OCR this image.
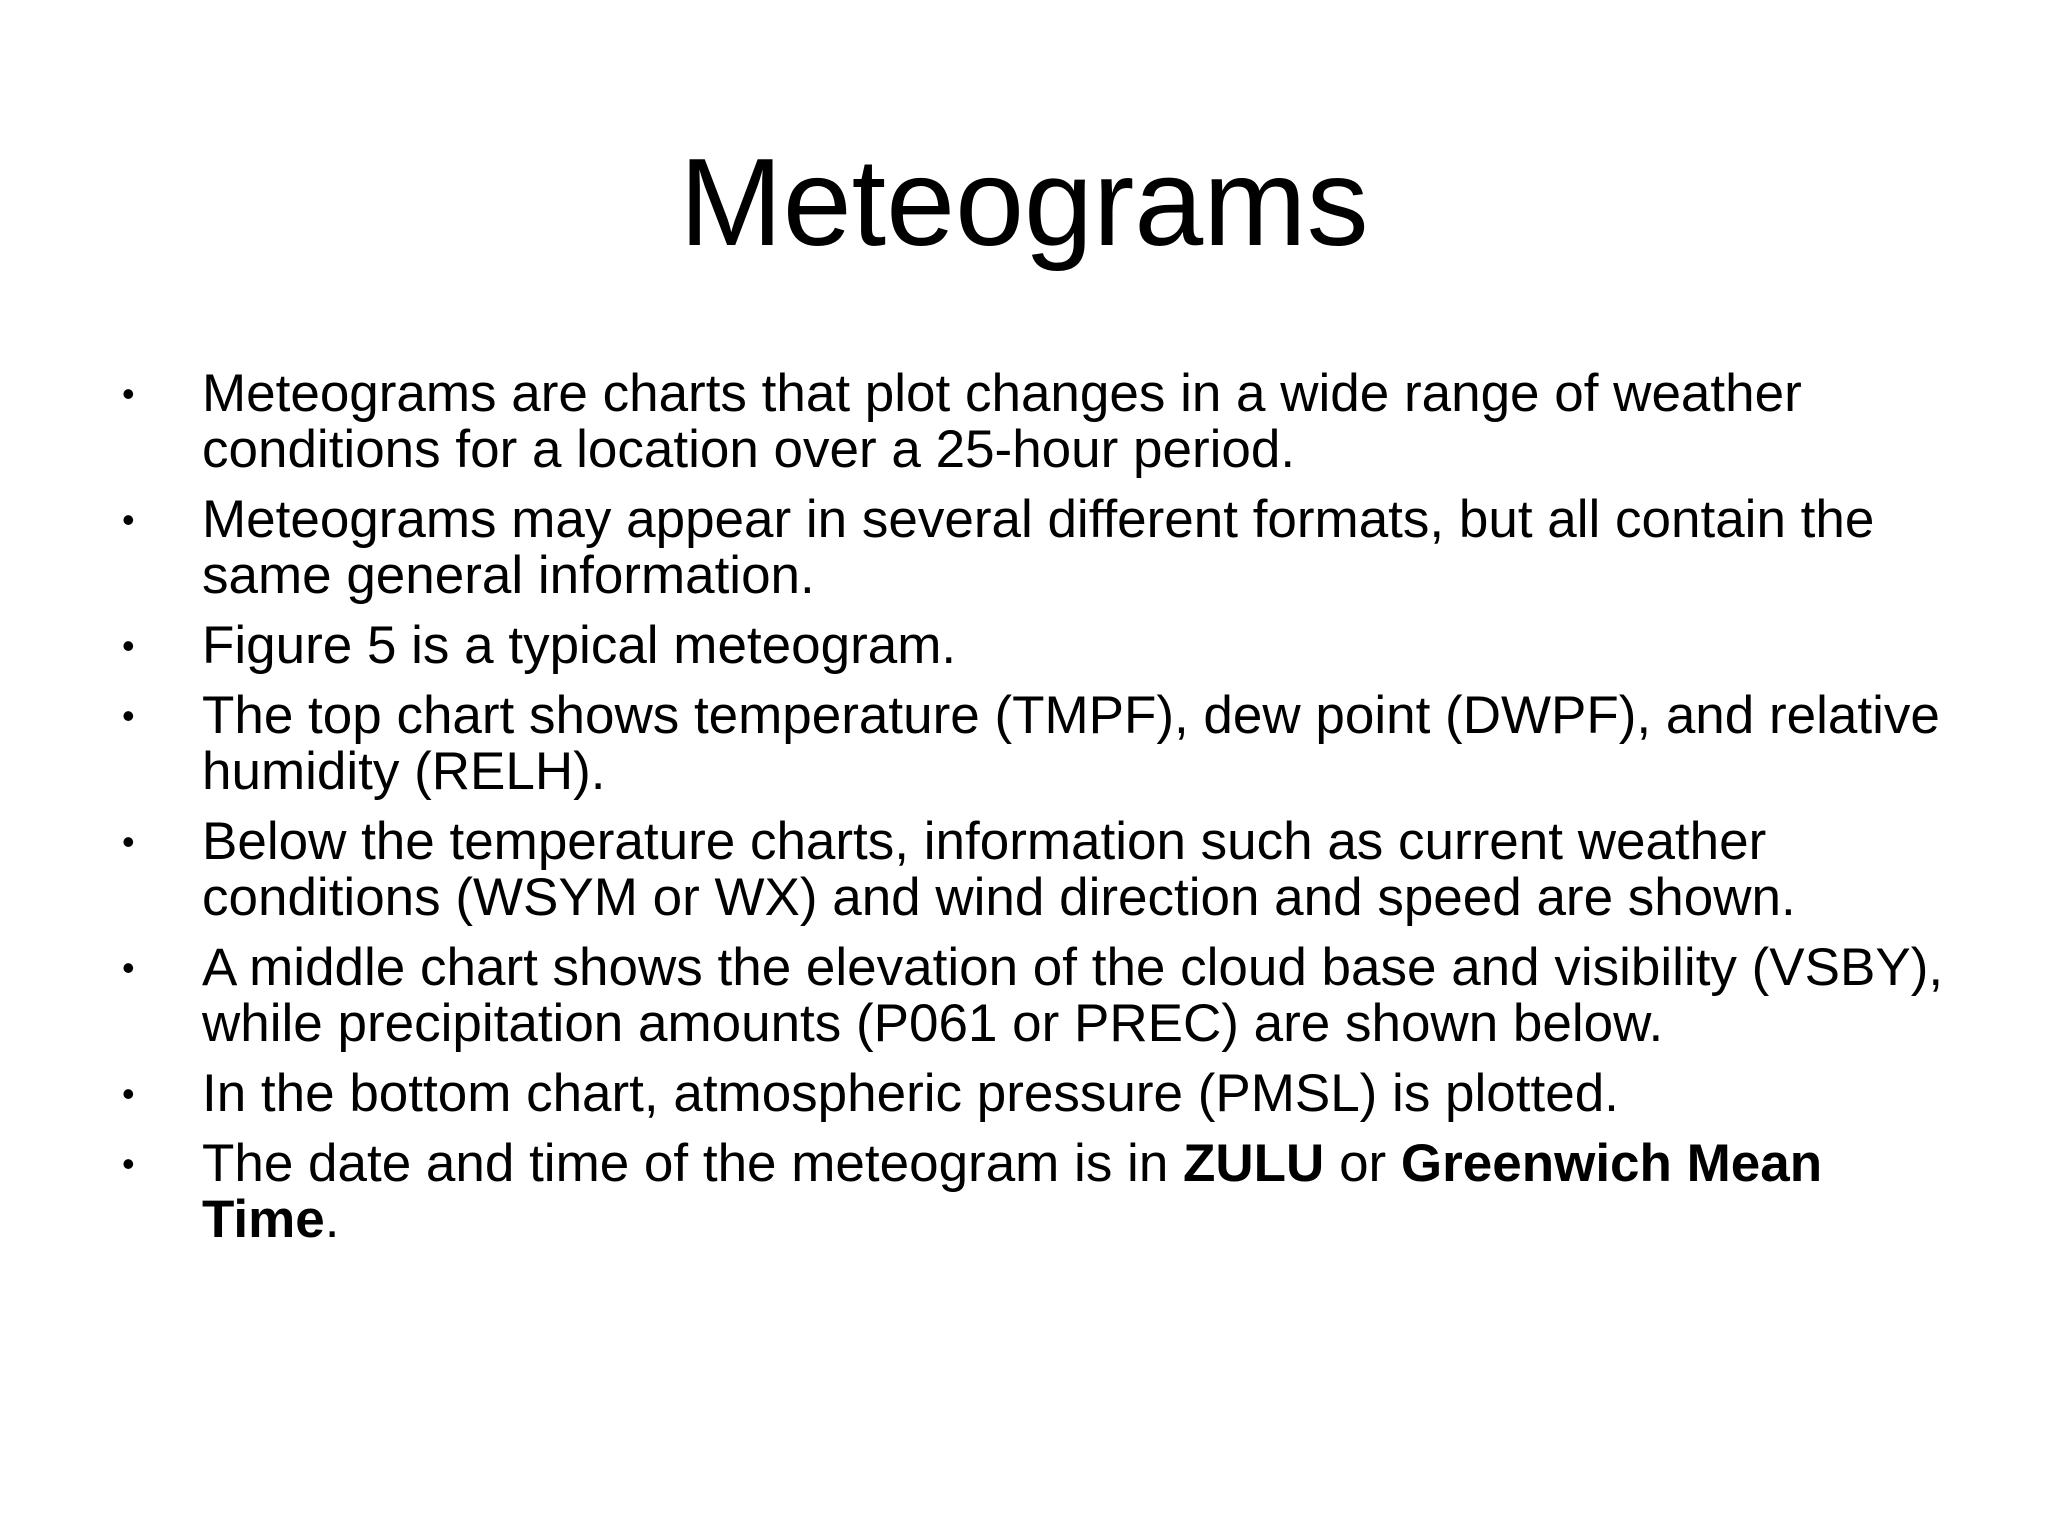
Meteograms
•	Meteograms are charts that plot changes in a wide range of weather conditions for a location over a 25-hour period.
•	Meteograms may appear in several different formats, but all contain the same general information.
•	Figure 5 is a typical meteogram.
•	The top chart shows temperature (TMPF), dew point (DWPF), and relative humidity (RELH).
•	Below the temperature charts, information such as current weather conditions (WSYM or WX) and wind direction and speed are shown.
•	A middle chart shows the elevation of the cloud base and visibility (VSBY), while precipitation amounts (P061 or PREC) are shown below.
•	In the bottom chart, atmospheric pressure (PMSL) is plotted.
•	The date and time of the meteogram is in ZULU or Greenwich Mean Time.
